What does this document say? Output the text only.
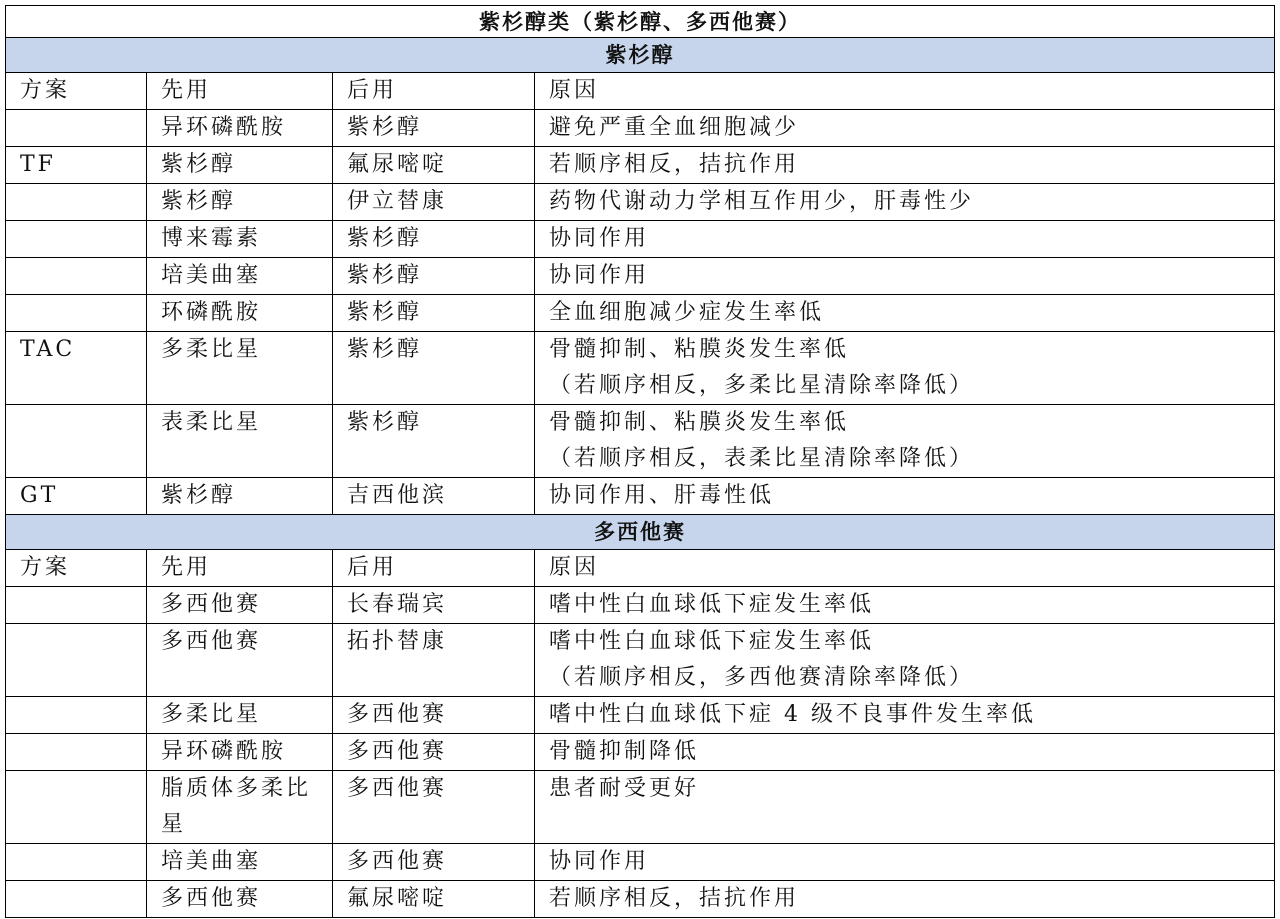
紫杉醇类（紫杉醇、多西他赛）			
紫杉醇			
方案	先用	后用	原因
	异环磷酰胺	紫杉醇	避免严重全血细胞减少

TF	紫杉醇	氟尿嘧啶	若顺序相反，拮抗作用

	紫杉醇	伊立替康	药物代谢动力学相互作用少，肝毒性少

	博来霉素	紫杉醇	协同作用

	培美曲塞	紫杉醇	协同作用

	环磷酰胺	紫杉醇	全血细胞减少症发生率低

TAC	多柔比星	紫杉醇	骨髓抑制、粘膜炎发生率低
（若顺序相反，多柔比星清除率降低）

	表柔比星	紫杉醇	骨髓抑制、粘膜炎发生率低
（若顺序相反，表柔比星清除率降低）

GT	紫杉醇	吉西他滨	协同作用、肝毒性低

多西他赛			
方案	先用	后用	原因
	多西他赛	长春瑞宾	嗜中性白血球低下症发生率低

	多西他赛	拓扑替康	嗜中性白血球低下症发生率低
（若顺序相反，多西他赛清除率降低）

	多柔比星	多西他赛	嗜中性白血球低下症 4 级不良事件发生率低

	异环磷酰胺	多西他赛	骨髓抑制降低

	脂质体多柔比星	多西他赛	患者耐受更好

	培美曲塞	多西他赛	协同作用

	多西他赛	氟尿嘧啶	若顺序相反，拮抗作用
